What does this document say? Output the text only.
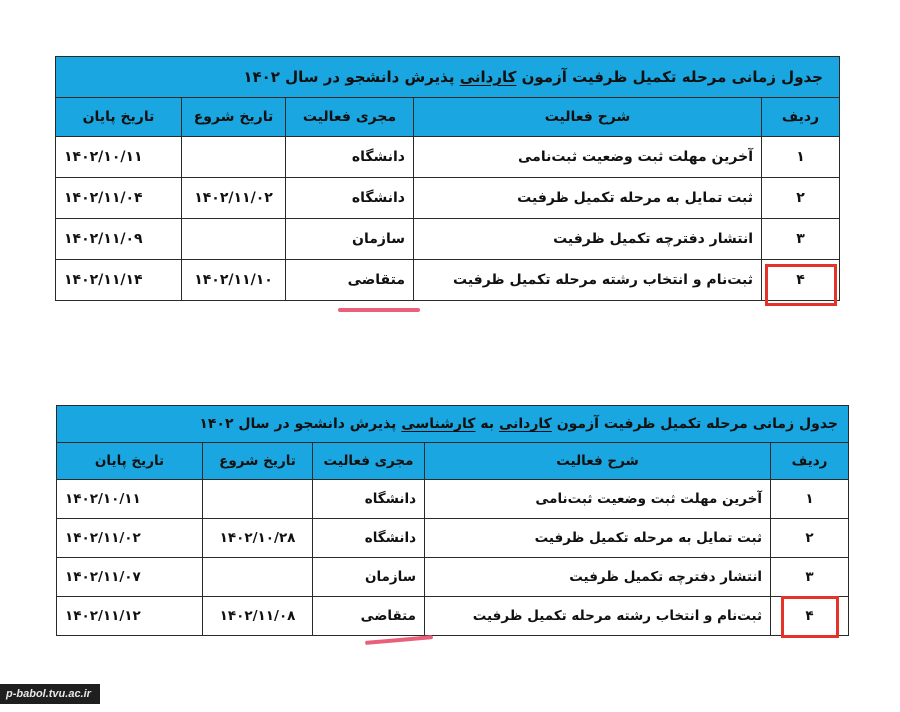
جدول زمانی مرحله تکمیل ظرفیت آزمون کاردانی پذیرش دانشجو در سال ۱۴۰۲				
ردیف	شرح فعالیت	مجری فعالیت	تاریخ شروع	تاریخ پایان
۱	آخرین مهلت ثبت وضعیت ثبت‌نامی	دانشگاه		۱۴۰۲/۱۰/۱۱
۲	ثبت تمایل به مرحله تکمیل ظرفیت	دانشگاه	۱۴۰۲/۱۱/۰۲	۱۴۰۲/۱۱/۰۴
۳	انتشار دفترچه تکمیل ظرفیت	سازمان		۱۴۰۲/۱۱/۰۹
۴	ثبت‌نام و انتخاب رشته مرحله تکمیل ظرفیت	متقاضی	۱۴۰۲/۱۱/۱۰	۱۴۰۲/۱۱/۱۴
جدول زمانی مرحله تکمیل ظرفیت آزمون کاردانی به کارشناسی پذیرش دانشجو در سال ۱۴۰۲				
ردیف	شرح فعالیت	مجری فعالیت	تاریخ شروع	تاریخ پایان
۱	آخرین مهلت ثبت وضعیت ثبت‌نامی	دانشگاه		۱۴۰۲/۱۰/۱۱
۲	ثبت تمایل به مرحله تکمیل ظرفیت	دانشگاه	۱۴۰۲/۱۰/۲۸	۱۴۰۲/۱۱/۰۲
۳	انتشار دفترچه تکمیل ظرفیت	سازمان		۱۴۰۲/۱۱/۰۷
۴	ثبت‌نام و انتخاب رشته مرحله تکمیل ظرفیت	متقاضی	۱۴۰۲/۱۱/۰۸	۱۴۰۲/۱۱/۱۲
p-babol.tvu.ac.ir
